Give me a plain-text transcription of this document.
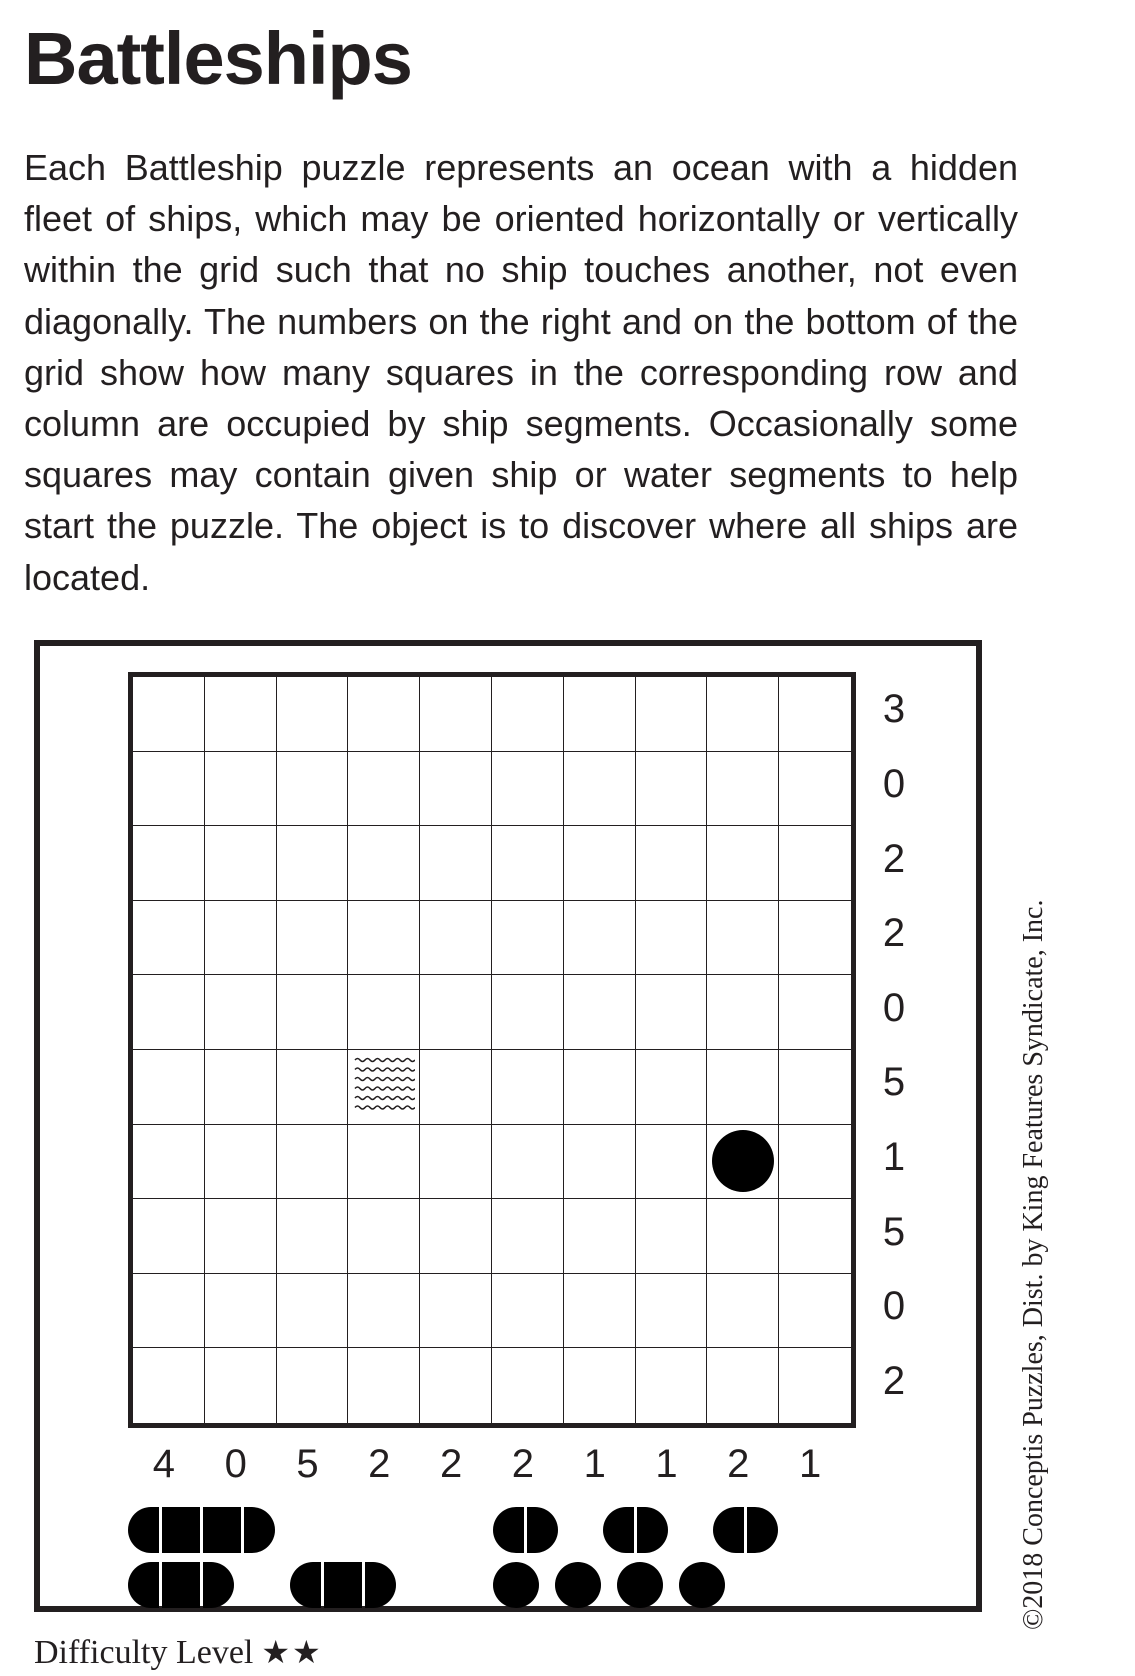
Battleships

Each Battleship puzzle represents an ocean with a hidden fleet of ships, which may be oriented horizontally or vertically within the grid such that no ship touches another, not even diagonally. The numbers on the right and on the bottom of the grid show how many squares in the corresponding row and column are occupied by ship segments. Occasionally some squares may contain given ship or water segments to help start the puzzle. The object is to discover where all ships are located.

3
0
2
2
0
5
1
5
0
2
4 0 5 2 2 2 1 1 2 1	©2018 Conceptis Puzzles, Dist. by King Features Syndicate, Inc.
Difficulty Level ★★
